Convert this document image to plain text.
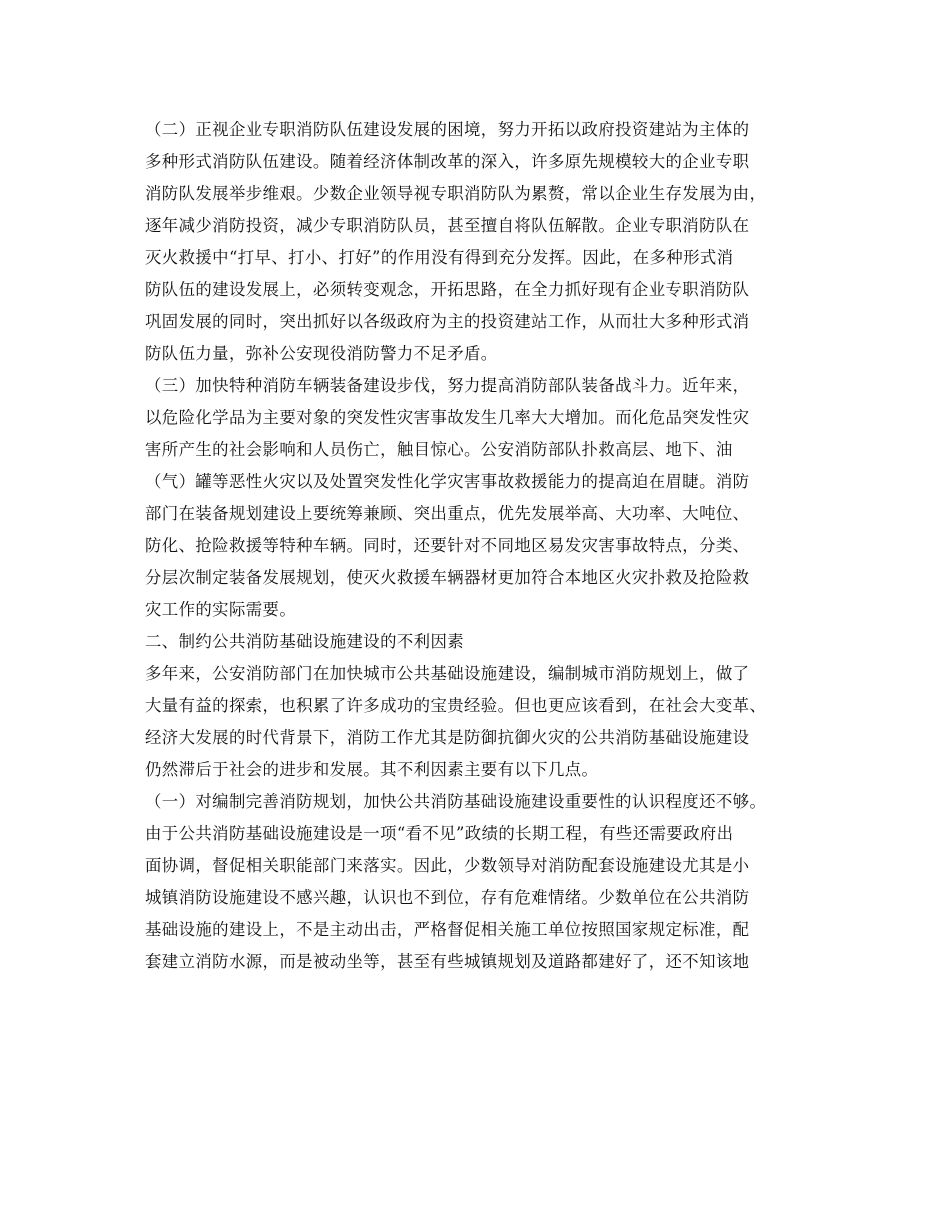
（二）正视企业专职消防队伍建设发展的困境，努力开拓以政府投资建站为主体的
多种形式消防队伍建设。随着经济体制改革的深入，许多原先规模较大的企业专职
消防队发展举步维艰。少数企业领导视专职消防队为累赘，常以企业生存发展为由，
逐年减少消防投资，减少专职消防队员，甚至擅自将队伍解散。企业专职消防队在
灭火救援中“打早、打小、打好”的作用没有得到充分发挥。因此，在多种形式消
防队伍的建设发展上，必须转变观念，开拓思路，在全力抓好现有企业专职消防队
巩固发展的同时，突出抓好以各级政府为主的投资建站工作，从而壮大多种形式消
防队伍力量，弥补公安现役消防警力不足矛盾。
（三）加快特种消防车辆装备建设步伐，努力提高消防部队装备战斗力。近年来，
以危险化学品为主要对象的突发性灾害事故发生几率大大增加。而化危品突发性灾
害所产生的社会影响和人员伤亡，触目惊心。公安消防部队扑救高层、地下、油
（气）罐等恶性火灾以及处置突发性化学灾害事故救援能力的提高迫在眉睫。消防
部门在装备规划建设上要统筹兼顾、突出重点，优先发展举高、大功率、大吨位、
防化、抢险救援等特种车辆。同时，还要针对不同地区易发灾害事故特点，分类、
分层次制定装备发展规划，使灭火救援车辆器材更加符合本地区火灾扑救及抢险救
灾工作的实际需要。
二、制约公共消防基础设施建设的不利因素
多年来，公安消防部门在加快城市公共基础设施建设，编制城市消防规划上，做了
大量有益的探索，也积累了许多成功的宝贵经验。但也更应该看到，在社会大变革、
经济大发展的时代背景下，消防工作尤其是防御抗御火灾的公共消防基础设施建设
仍然滞后于社会的进步和发展。其不利因素主要有以下几点。
（一）对编制完善消防规划，加快公共消防基础设施建设重要性的认识程度还不够。
由于公共消防基础设施建设是一项“看不见”政绩的长期工程，有些还需要政府出
面协调，督促相关职能部门来落实。因此，少数领导对消防配套设施建设尤其是小
城镇消防设施建设不感兴趣，认识也不到位，存有危难情绪。少数单位在公共消防
基础设施的建设上，不是主动出击，严格督促相关施工单位按照国家规定标准，配
套建立消防水源，而是被动坐等，甚至有些城镇规划及道路都建好了，还不知该地
